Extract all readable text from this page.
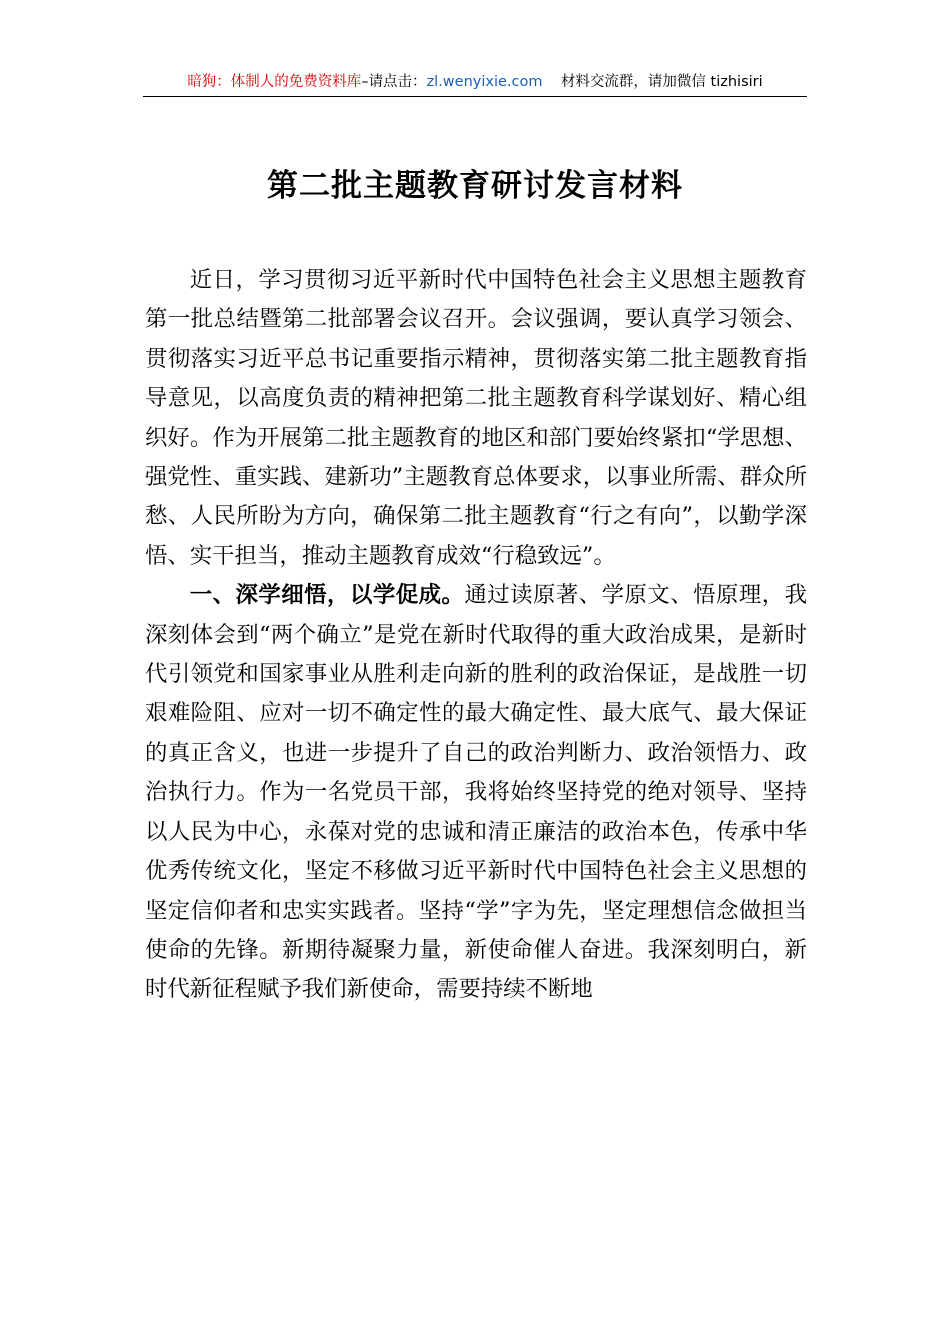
暗狗：体制人的免费资料库–请点击：zl.wenyixie.com 材料交流群，请加微信 tizhisiri
第二批主题教育研讨发言材料

近日，学习贯彻习近平新时代中国特色社会主义思想主题教育第一批总结暨第二批部署会议召开。会议强调，要认真学习领会、贯彻落实习近平总书记重要指示精神，贯彻落实第二批主题教育指导意见，以高度负责的精神把第二批主题教育科学谋划好、精心组织好。作为开展第二批主题教育的地区和部门要始终紧扣“学思想、强党性、重实践、建新功”主题教育总体要求，以事业所需、群众所愁、人民所盼为方向，确保第二批主题教育“行之有向”，以勤学深悟、实干担当，推动主题教育成效“行稳致远”。

一、深学细悟，以学促成。通过读原著、学原文、悟原理，我深刻体会到“两个确立”是党在新时代取得的重大政治成果，是新时代引领党和国家事业从胜利走向新的胜利的政治保证，是战胜一切艰难险阻、应对一切不确定性的最大确定性、最大底气、最大保证的真正含义，也进一步提升了自己的政治判断力、政治领悟力、政治执行力。作为一名党员干部，我将始终坚持党的绝对领导、坚持以人民为中心，永葆对党的忠诚和清正廉洁的政治本色，传承中华优秀传统文化，坚定不移做习近平新时代中国特色社会主义思想的坚定信仰者和忠实实践者。坚持“学”字为先，坚定理想信念做担当使命的先锋。新期待凝聚力量，新使命催人奋进。我深刻明白，新时代新征程赋予我们新使命，需要持续不断地
